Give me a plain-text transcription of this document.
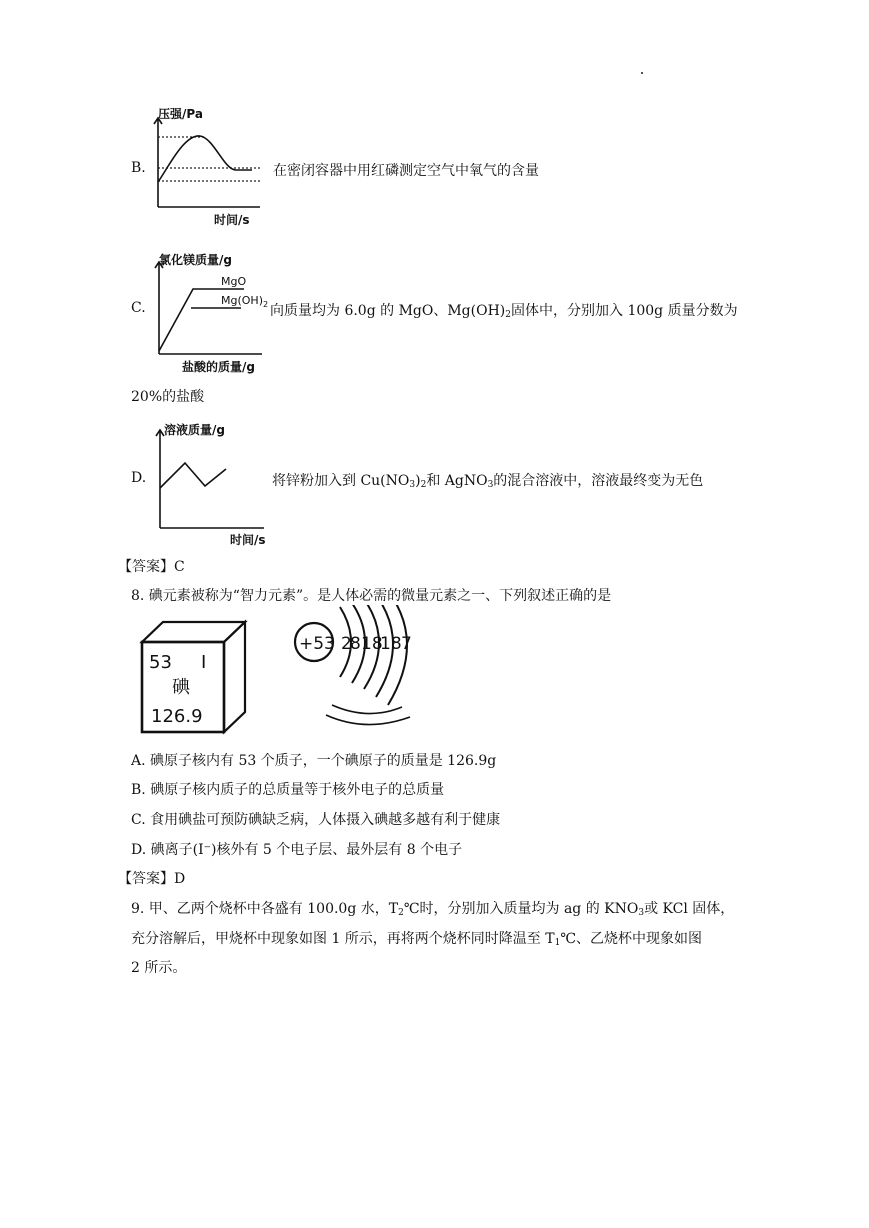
B.
压强/Pa
时间/s
在密闭容器中用红磷测定空气中氧气的含量
C.
氯化镁质量/g
MgO
$Mg(OH)_2$
盐酸的质量/g
向质量均为 6.0g 的 MgO、$Mg(OH)_2$固体中，分别加入 100g 质量分数为
20%的盐酸
D.
溶液质量/g
时间/s
将锌粉加入到 $Cu(NO_3)_2$和 AgNO$_3$的混合溶液中，溶液最终变为无色
【答案】C
8. 碘元素被称为“智力元素”。是人体必需的微量元素之一、下列叙述正确的是
53 I
碘
126.9
+53 2
8 18
18 7
A. 碘原子核内有 53 个质子，一个碘原子的质量是 126.9g
B. 碘原子核内质子的总质量等于核外电子的总质量
C. 食用碘盐可预防碘缺乏病，人体摄入碘越多越有利于健康
D. 碘离子(I⁻)核外有 5 个电子层、最外层有 8 个电子
【答案】D
9. 甲、乙两个烧杯中各盛有 100.0g 水，$T_2℃$时，分别加入质量均为 ag 的 $KNO_3$或 KCl 固体，
充分溶解后，甲烧杯中现象如图 1 所示，再将两个烧杯同时降温至 $T_1℃$、乙烧杯中现象如图
2 所示。
